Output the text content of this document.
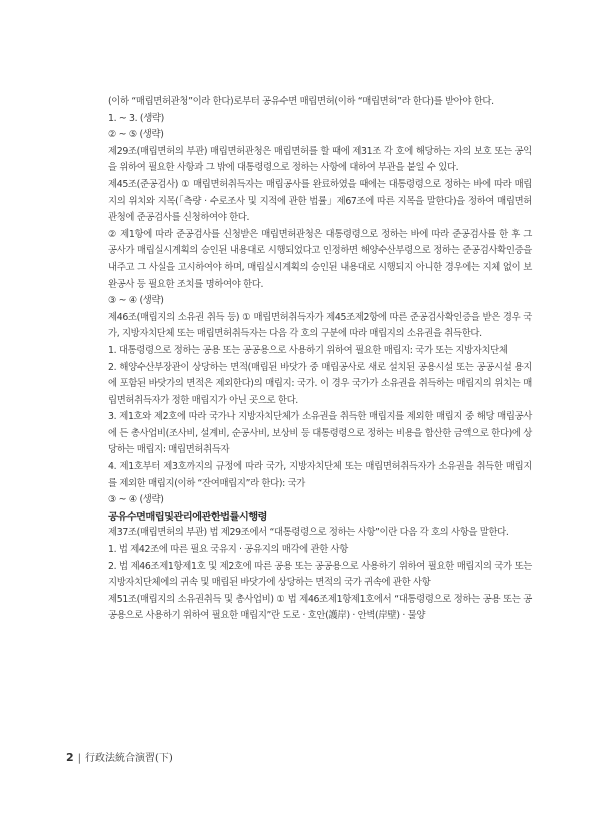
(이하 “매립면허관청”이라 한다)로부터 공유수면 매립면허(이하 “매립면허”라 한다)를 받아야 한다.

1. ~ 3. (생략)

② ~ ⑤ (생략)

제29조(매립면허의 부관) 매립면허관청은 매립면허를 할 때에 제31조 각 호에 해당하는 자의 보호 또는 공익을 위하여 필요한 사항과 그 밖에 대통령령으로 정하는 사항에 대하여 부관을 붙일 수 있다.

제45조(준공검사) ① 매립면허취득자는 매립공사를 완료하였을 때에는 대통령령으로 정하는 바에 따라 매립지의 위치와 지목(「측량 · 수로조사 및 지적에 관한 법률」제67조에 따른 지목을 말한다)을 정하여 매립면허관청에 준공검사를 신청하여야 한다.

② 제1항에 따라 준공검사를 신청받은 매립면허관청은 대통령령으로 정하는 바에 따라 준공검사를 한 후 그 공사가 매립실시계획의 승인된 내용대로 시행되었다고 인정하면 해양수산부령으로 정하는 준공검사확인증을 내주고 그 사실을 고시하여야 하며, 매립실시계획의 승인된 내용대로 시행되지 아니한 경우에는 지체 없이 보완공사 등 필요한 조치를 명하여야 한다.

③ ~ ④ (생략)

제46조(매립지의 소유권 취득 등) ① 매립면허취득자가 제45조제2항에 따른 준공검사확인증을 받은 경우 국가, 지방자치단체 또는 매립면허취득자는 다음 각 호의 구분에 따라 매립지의 소유권을 취득한다.

1. 대통령령으로 정하는 공용 또는 공공용으로 사용하기 위하여 필요한 매립지: 국가 또는 지방자치단체

2. 해양수산부장관이 상당하는 면적(매립된 바닷가 중 매립공사로 새로 설치된 공용시설 또는 공공시설 용지에 포함된 바닷가의 면적은 제외한다)의 매립지: 국가. 이 경우 국가가 소유권을 취득하는 매립지의 위치는 매립면허취득자가 정한 매립지가 아닌 곳으로 한다.

3. 제1호와 제2호에 따라 국가나 지방자치단체가 소유권을 취득한 매립지를 제외한 매립지 중 해당 매립공사에 든 총사업비(조사비, 설계비, 순공사비, 보상비 등 대통령령으로 정하는 비용을 합산한 금액으로 한다)에 상당하는 매립지: 매립면허취득자

4. 제1호부터 제3호까지의 규정에 따라 국가, 지방자치단체 또는 매립면허취득자가 소유권을 취득한 매립지를 제외한 매립지(이하 “잔여매립지”라 한다): 국가

③ ~ ④ (생략)

공유수면매립및관리에관한법률시행령

제37조(매립면허의 부관) 법 제29조에서 “대통령령으로 정하는 사항”이란 다음 각 호의 사항을 말한다.

1. 법 제42조에 따른 필요 국유지 · 공유지의 매각에 관한 사항

2. 법 제46조제1항제1호 및 제2호에 따른 공용 또는 공공용으로 사용하기 위하여 필요한 매립지의 국가 또는 지방자치단체에의 귀속 및 매립된 바닷가에 상당하는 면적의 국가 귀속에 관한 사항

제51조(매립지의 소유권취득 및 총사업비) ① 법 제46조제1항제1호에서 “대통령령으로 정하는 공용 또는 공공용으로 사용하기 위하여 필요한 매립지”란 도로 · 호안(護岸) · 안벽(岸壁) · 물양

2 | 行政法統合演習(下)
